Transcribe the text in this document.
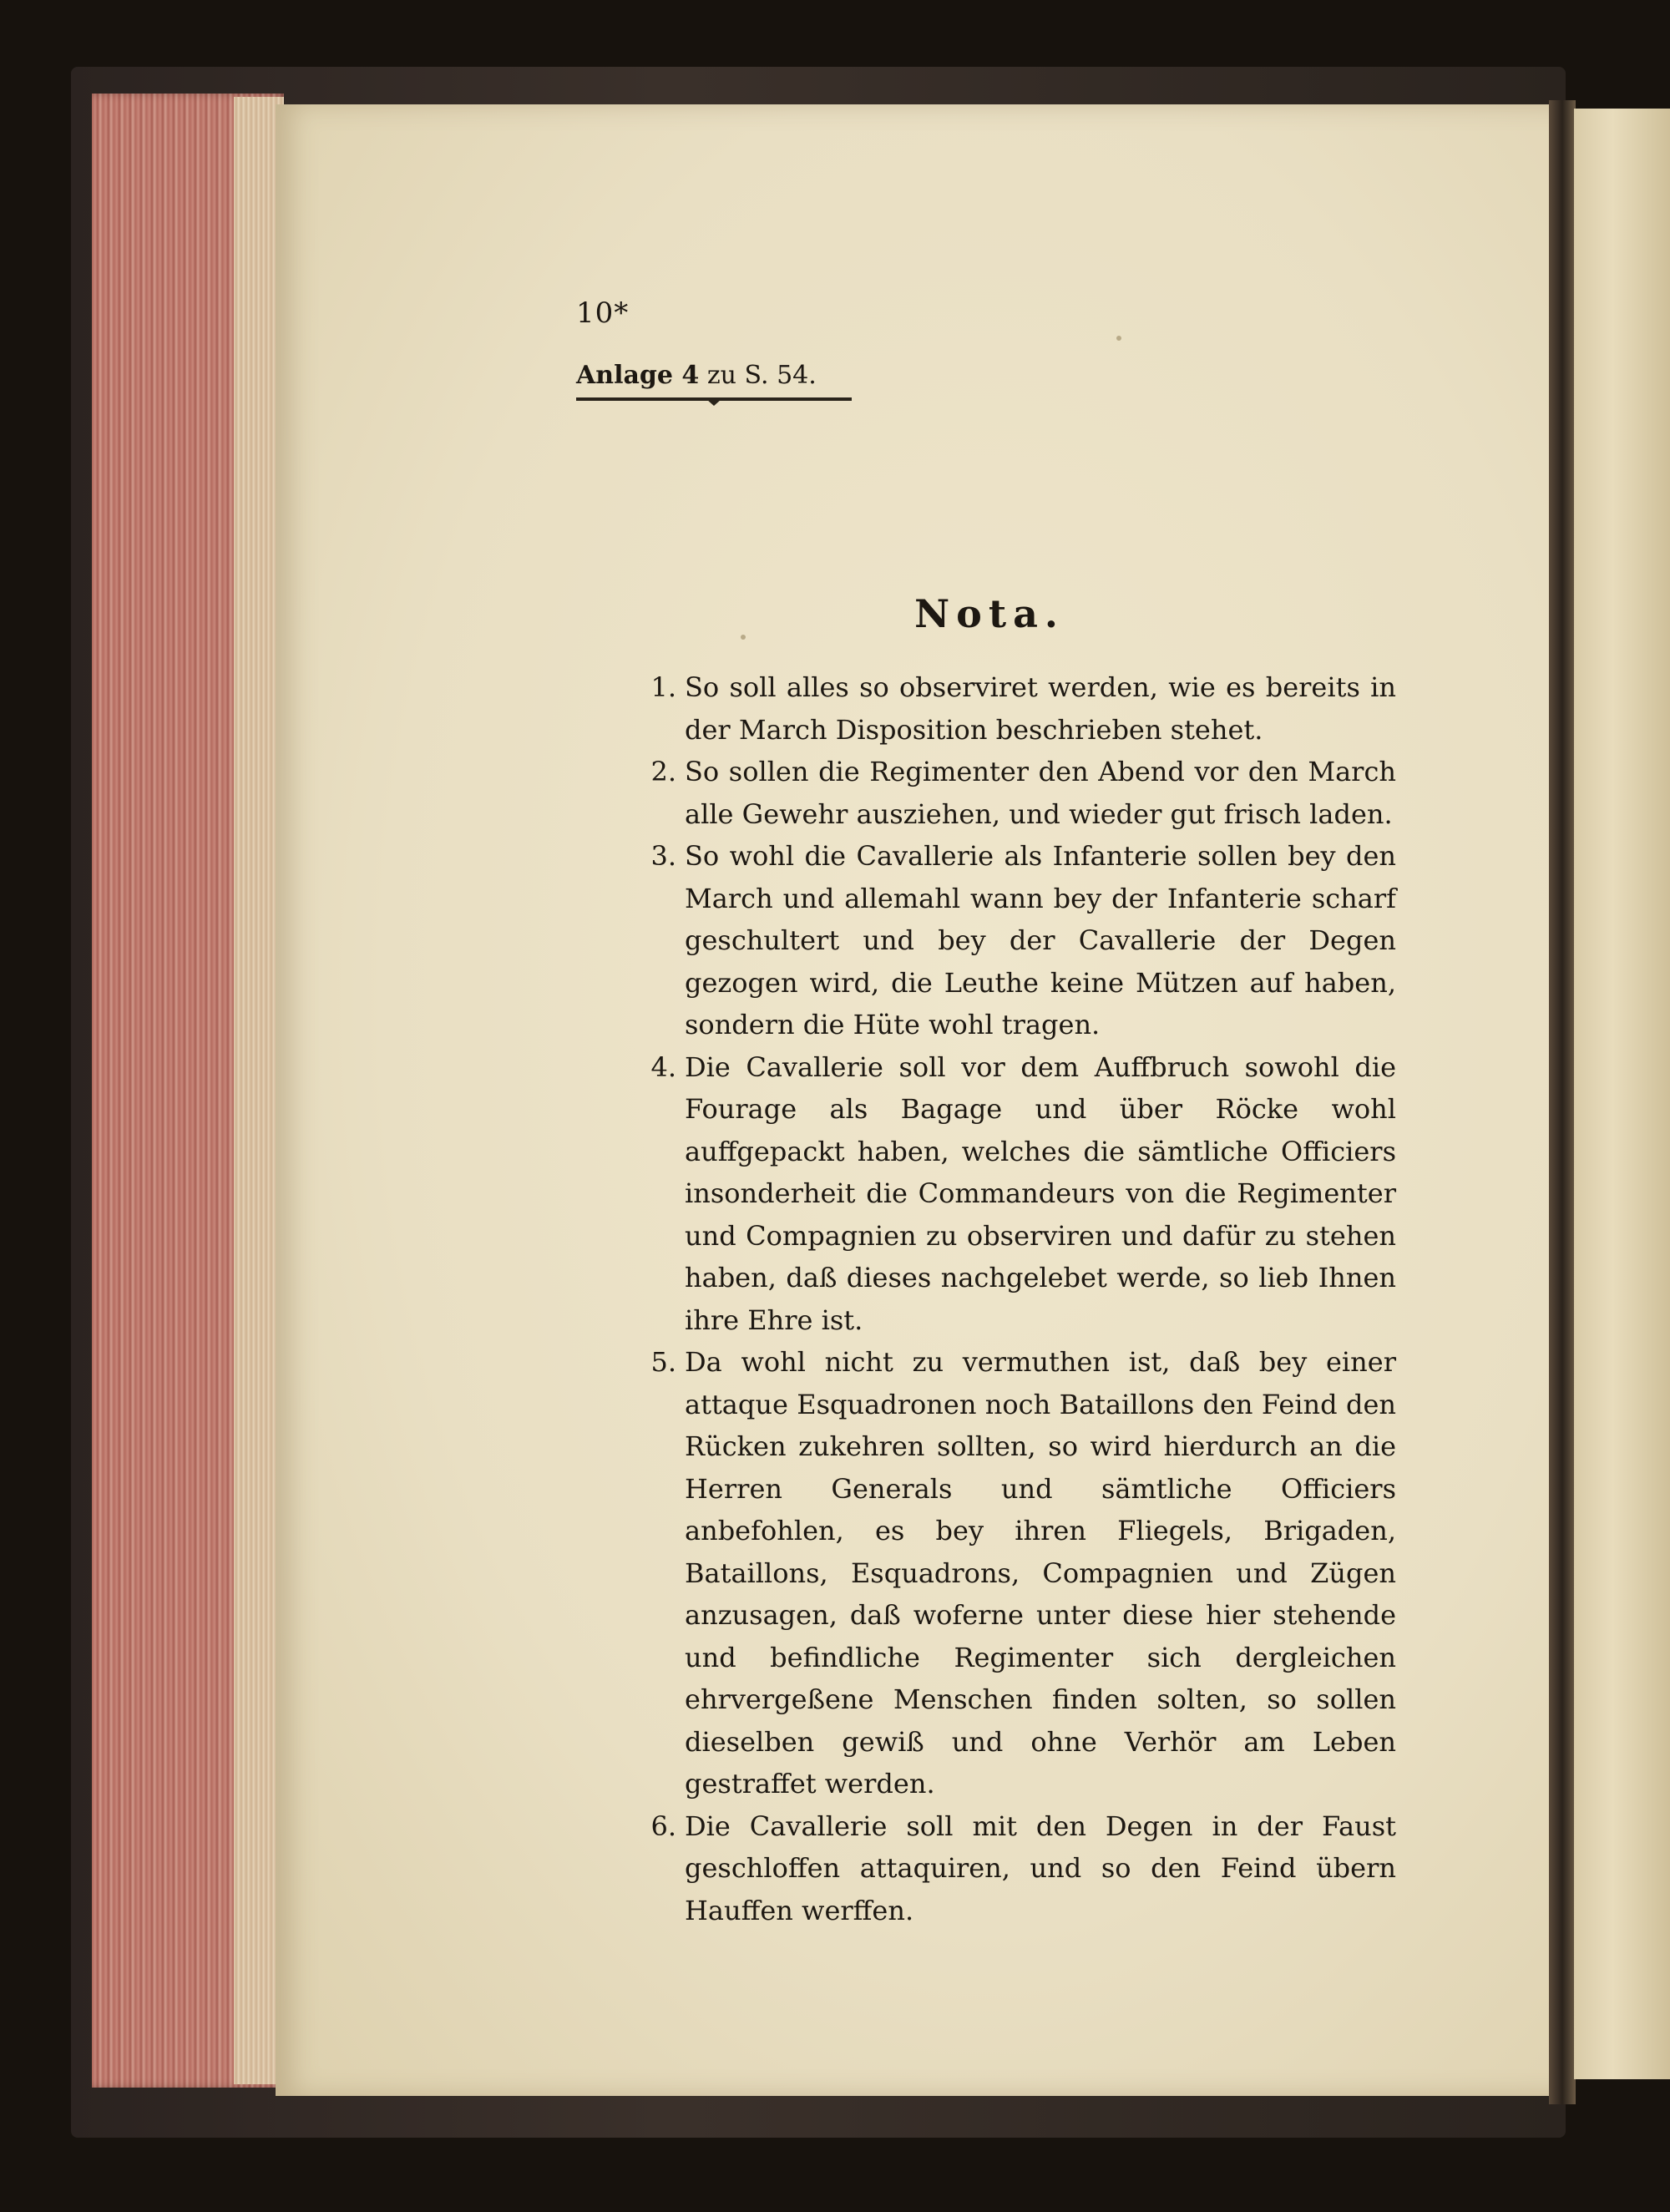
10*
Anlage 4 zu S. 54.
Nota.
1. So soll alles so observiret werden, wie es bereits in der March Disposition beschrieben stehet.
2. So sollen die Regimenter den Abend vor den March alle Gewehr ausziehen, und wieder gut frisch laden.
3. So wohl die Cavallerie als Infanterie sollen bey den March und allemahl wann bey der Infanterie scharf geschultert und bey der Cavallerie der Degen gezogen wird, die Leuthe keine Mützen auf haben, sondern die Hüte wohl tragen.
4. Die Cavallerie soll vor dem Auffbruch sowohl die Fourage als Bagage und über Röcke wohl auffgepackt haben, welches die sämtliche Officiers insonderheit die Commandeurs von die Regimenter und Compagnien zu observiren und dafür zu stehen haben, daß dieses nachgelebet werde, so lieb Ihnen ihre Ehre ist.
5. Da wohl nicht zu vermuthen ist, daß bey einer attaque Esquadronen noch Bataillons den Feind den Rücken zukehren sollten, so wird hierdurch an die Herren Generals und sämtliche Officiers anbefohlen, es bey ihren Fliegels, Brigaden, Bataillons, Esquadrons, Compagnien und Zügen anzusagen, daß woferne unter diese hier stehende und befindliche Regimenter sich dergleichen ehrvergeßene Menschen finden solten, so sollen dieselben gewiß und ohne Verhör am Leben gestraffet werden.
6. Die Cavallerie soll mit den Degen in der Faust geschloffen attaquiren, und so den Feind übern Hauffen werffen.
